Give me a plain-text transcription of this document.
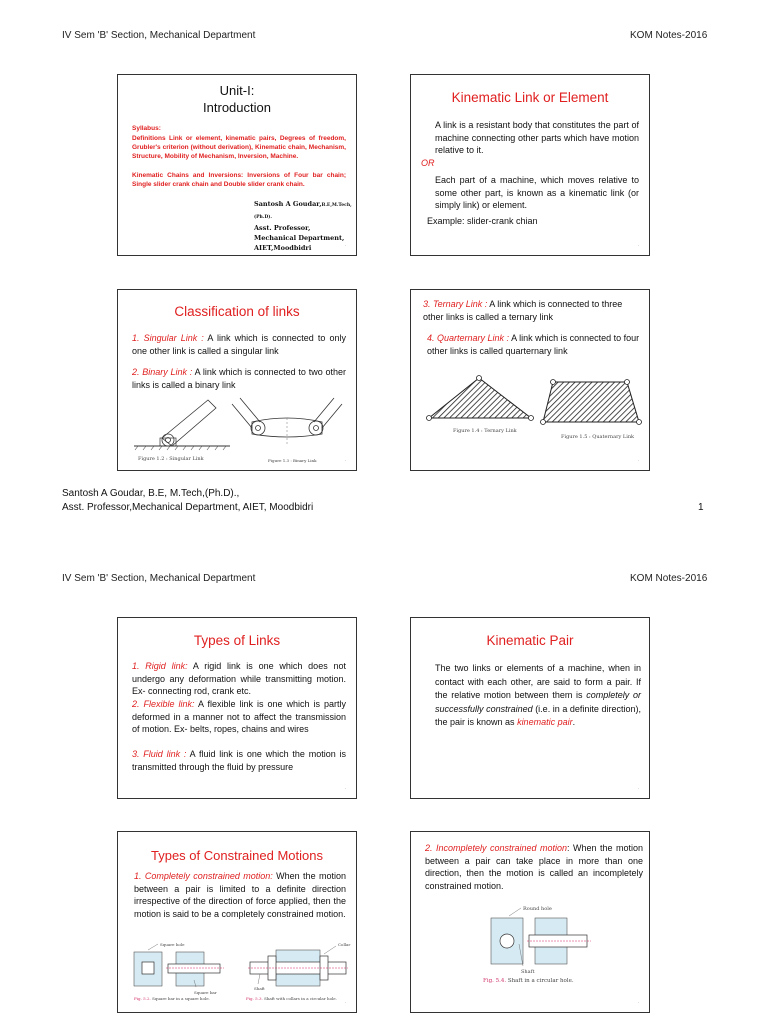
IV Sem 'B' Section, Mechanical Department	KOM Notes-2016
Unit-I:
Introduction
Syllabus:
Definitions Link or element, kinematic pairs, Degrees of freedom, Grubler's criterion (without derivation), Kinematic chain, Mechanism, Structure, Mobility of Mechanism, Inversion, Machine.
Kinematic Chains and Inversions: Inversions of Four bar chain; Single slider crank chain and Double slider crank chain.
Santosh A Goudar,B.E,M.Tech,(Ph.D).
Asst. Professor,
Mechanical Department,
AIET,Moodbidri	·
Kinematic Link or Element
A link is a resistant body that constitutes the part of machine connecting other parts which have motion relative to it.
OR
Each part of a machine, which moves relative to some other part, is known as a kinematic link (or simply link) or element.
Example: slider-crank chian
·
Classification of links
1. Singular Link : A link which is connected to only one other link is called a singular link
2. Binary Link : A link which is connected to two other links is called a binary link
Figure 1.2 : Singular Link	Figure 1.3 : Binary Link	·
3. Ternary Link : A link which is connected to three other links is called a ternary link
4. Quarternary Link : A link which is connected to four other links is called quarternary link
Figure 1.4 : Ternary Link
Figure 1.5 : Quaternary Link
·
Santosh A Goudar, B.E, M.Tech,(Ph.D).,
Asst. Professor,Mechanical Department, AIET, Moodbidri	1
IV Sem 'B' Section, Mechanical Department	KOM Notes-2016
Types of Links
1. Rigid link: A rigid link is one which does not undergo any deformation while transmitting motion. Ex- connecting rod, crank etc.
2. Flexible link: A flexible link is one which is partly deformed in a manner not to affect the transmission of motion. Ex- belts, ropes, chains and wires
3. Fluid link : A fluid link is one which the motion is transmitted through the fluid by pressure
·
Kinematic Pair
The two links or elements of a machine, when in contact with each other, are said to form a pair. If the relative motion between them is completely or successfully constrained (i.e. in a definite direction), the pair is known as kinematic pair.
·
Types of Constrained Motions
1. Completely constrained motion: When the motion between a pair is limited to a definite direction irrespective of the direction of force applied, then the motion is said to be a completely constrained motion.
Square hole
Square bar
Collar
Shaft
Fig. 5.2. Square bar in a square hole.	Fig. 5.3. Shaft with collars in a circular hole.
·
2. Incompletely constrained motion: When the motion between a pair can take place in more than one direction, then the motion is called an incompletely constrained motion.
Round hole
Shaft
Fig. 5.4. Shaft in a circular hole.
·
